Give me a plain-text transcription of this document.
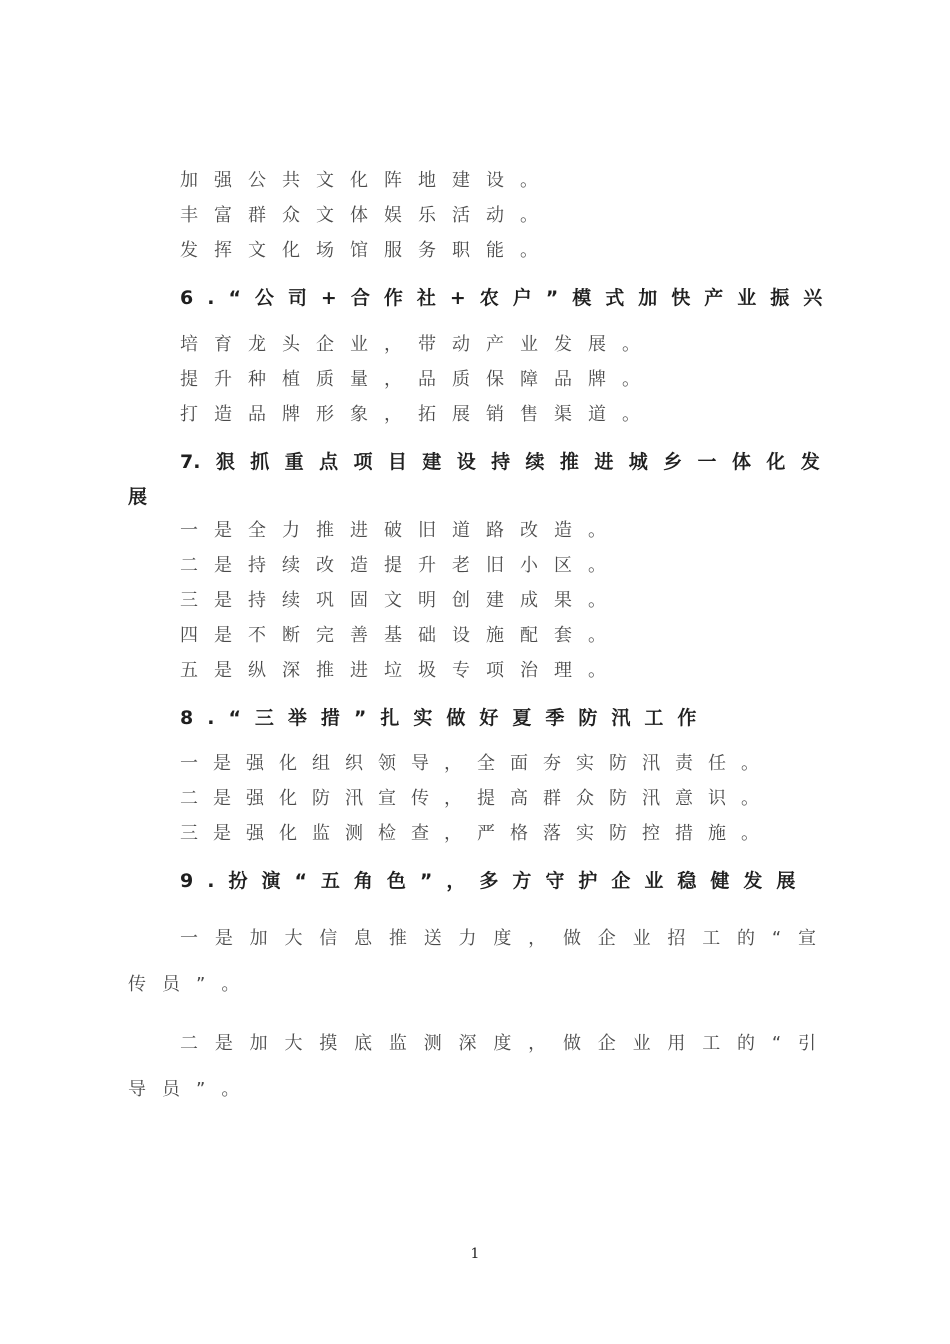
加强公共文化阵地建设。
丰富群众文体娱乐活动。
发挥文化场馆服务职能。
6.“公司+合作社+农户”模式加快产业振兴
培育龙头企业，带动产业发展。
提升种植质量，品质保障品牌。
打造品牌形象，拓展销售渠道。
7. 狠 抓 重 点 项 目 建 设 持 续 推 进 城 乡 一 体 化 发
展
一是全力推进破旧道路改造。
二是持续改造提升老旧小区。
三是持续巩固文明创建成果。
四是不断完善基础设施配套。
五是纵深推进垃圾专项治理。
8.“三举措”扎实做好夏季防汛工作
一是强化组织领导，全面夯实防汛责任。
二是强化防汛宣传，提高群众防汛意识。
三是强化监测检查，严格落实防控措施。
9.扮演“五角色”，多方守护企业稳健发展
一 是 加 大 信 息 推 送 力 度 ， 做 企 业 招 工 的 “ 宣
传员”。
二 是 加 大 摸 底 监 测 深 度 ， 做 企 业 用 工 的 “ 引
导员”。
1
